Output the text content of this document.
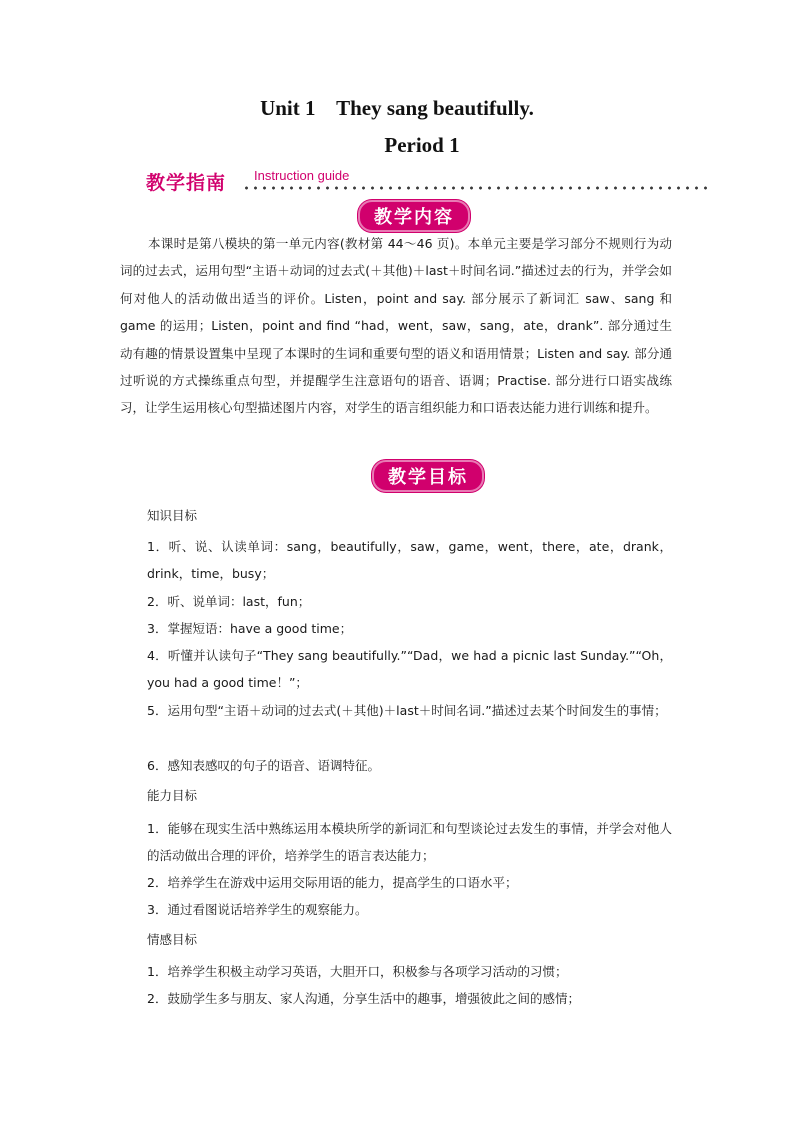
Unit 1    They sang beautifully.
Period 1
教学指南 Instruction guide
教学内容
本课时是第八模块的第一单元内容(教材第 44～46 页)。本单元主要是学习部分不规则行为动词的过去式，运用句型“主语＋动词的过去式(＋其他)＋last＋时间名词.”描述过去的行为，并学会如何对他人的活动做出适当的评价。Listen，point and say. 部分展示了新词汇 saw、sang 和 game 的运用；Listen，point and find “had，went，saw，sang，ate，drank”. 部分通过生动有趣的情景设置集中呈现了本课时的生词和重要句型的语义和语用情景；Listen and say. 部分通过听说的方式操练重点句型，并提醒学生注意语句的语音、语调；Practise. 部分进行口语实战练习，让学生运用核心句型描述图片内容，对学生的语言组织能力和口语表达能力进行训练和提升。
教学目标
知识目标
1．听、说、认读单词：sang，beautifully，saw，game，went，there，ate，drank，drink，time，busy；
2．听、说单词：last，fun；
3．掌握短语：have a good time；
4．听懂并认读句子“They sang beautifully.”“Dad，we had a picnic last Sunday.”“Oh，you had a good time！”；
5．运用句型“主语＋动词的过去式(＋其他)＋last＋时间名词.”描述过去某个时间发生的事情；
6．感知表感叹的句子的语音、语调特征。
能力目标
1．能够在现实生活中熟练运用本模块所学的新词汇和句型谈论过去发生的事情，并学会对他人的活动做出合理的评价，培养学生的语言表达能力；
2．培养学生在游戏中运用交际用语的能力，提高学生的口语水平；
3．通过看图说话培养学生的观察能力。
情感目标
1．培养学生积极主动学习英语，大胆开口，积极参与各项学习活动的习惯；
2．鼓励学生多与朋友、家人沟通，分享生活中的趣事，增强彼此之间的感情；
